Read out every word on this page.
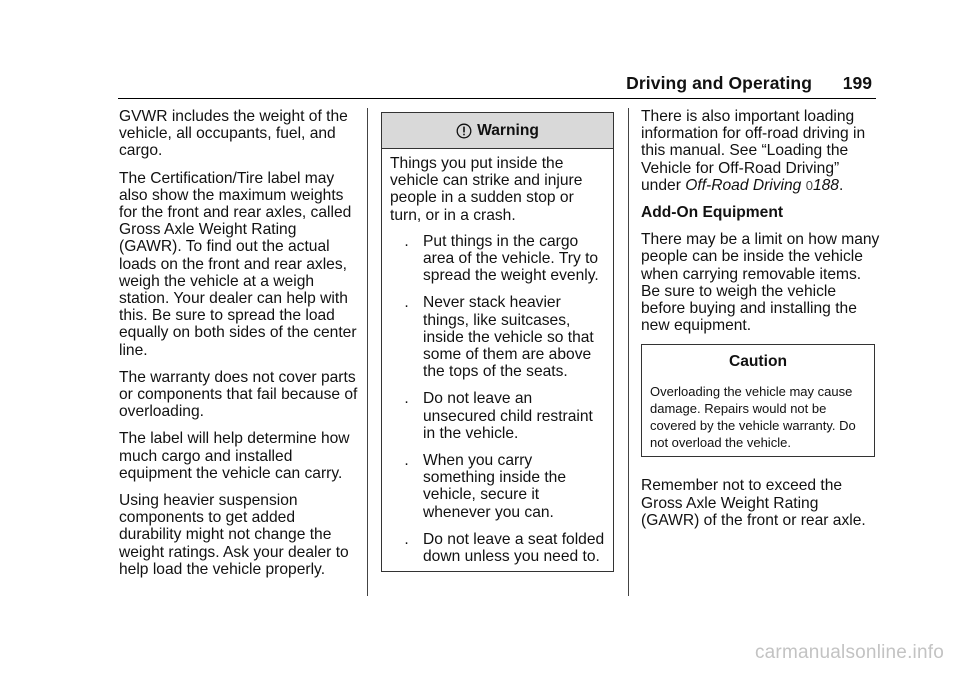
Driving and Operating 199

GVWR includes the weight of the vehicle, all occupants, fuel, and cargo.

The Certification/Tire label may also show the maximum weights for the front and rear axles, called Gross Axle Weight Rating (GAWR). To find out the actual loads on the front and rear axles, weigh the vehicle at a weigh station. Your dealer can help with this. Be sure to spread the load equally on both sides of the center line.

The warranty does not cover parts or components that fail because of overloading.

The label will help determine how much cargo and installed equipment the vehicle can carry.

Using heavier suspension components to get added durability might not change the weight ratings. Ask your dealer to help load the vehicle properly.

Warning

Things you put inside the vehicle can strike and injure people in a sudden stop or turn, or in a crash.

. Put things in the cargo area of the vehicle. Try to spread the weight evenly.
. Never stack heavier things, like suitcases, inside the vehicle so that some of them are above the tops of the seats.
. Do not leave an unsecured child restraint in the vehicle.
. When you carry something inside the vehicle, secure it whenever you can.
. Do not leave a seat folded down unless you need to.

There is also important loading information for off-road driving in this manual. See “Loading the Vehicle for Off-Road Driving” under Off-Road Driving 0188.

Add-On Equipment

There may be a limit on how many people can be inside the vehicle when carrying removable items. Be sure to weigh the vehicle before buying and installing the new equipment.

Caution
Overloading the vehicle may cause damage. Repairs would not be covered by the vehicle warranty. Do not overload the vehicle.

Remember not to exceed the Gross Axle Weight Rating (GAWR) of the front or rear axle.

carmanualsonline.info
